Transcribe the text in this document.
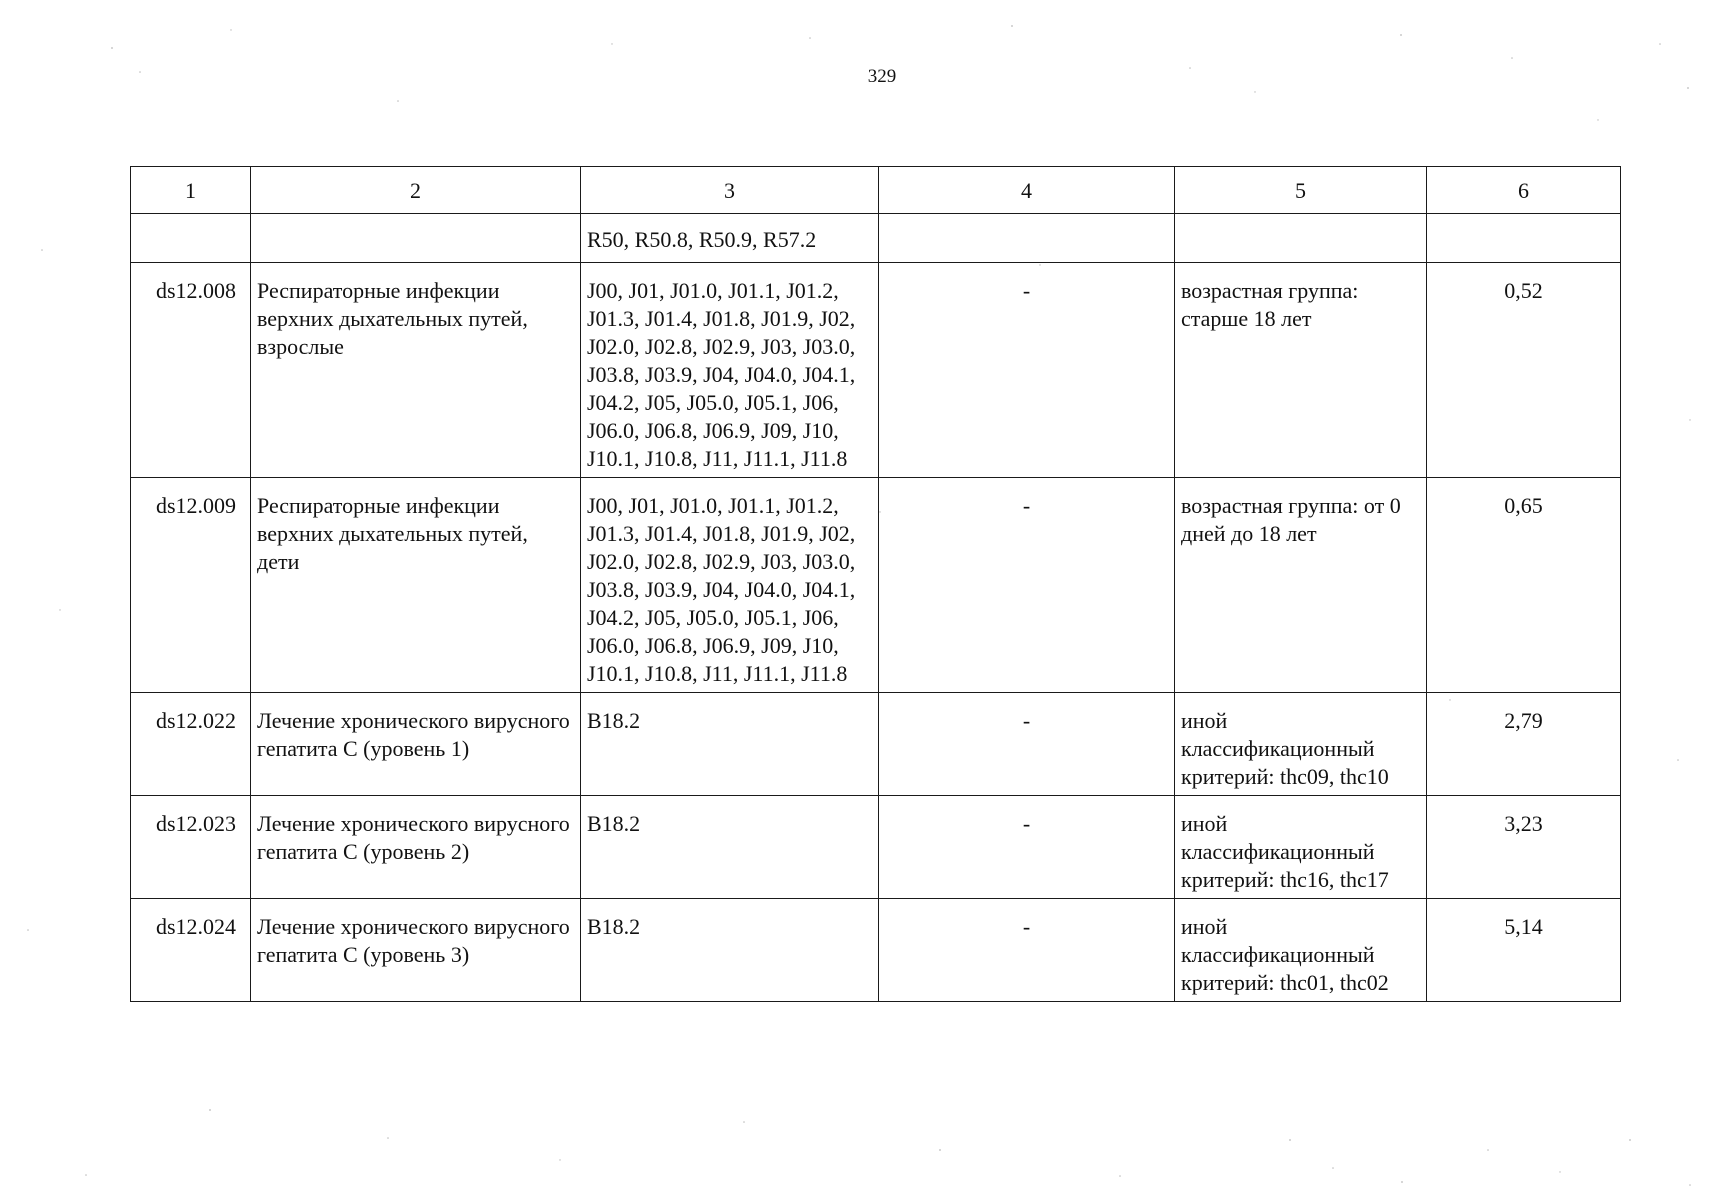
329
1	2	3	4	5	6
		R50, R50.8, R50.9, R57.2			
ds12.008	Респираторные инфекции верхних дыхательных путей, взрослые	J00, J01, J01.0, J01.1, J01.2, J01.3, J01.4, J01.8, J01.9, J02, J02.0, J02.8, J02.9, J03, J03.0, J03.8, J03.9, J04, J04.0, J04.1, J04.2, J05, J05.0, J05.1, J06, J06.0, J06.8, J06.9, J09, J10, J10.1, J10.8, J11, J11.1, J11.8	-	возрастная группа: старше 18 лет	0,52
ds12.009	Респираторные инфекции верхних дыхательных путей, дети	J00, J01, J01.0, J01.1, J01.2, J01.3, J01.4, J01.8, J01.9, J02, J02.0, J02.8, J02.9, J03, J03.0, J03.8, J03.9, J04, J04.0, J04.1, J04.2, J05, J05.0, J05.1, J06, J06.0, J06.8, J06.9, J09, J10, J10.1, J10.8, J11, J11.1, J11.8	-	возрастная группа: от 0 дней до 18 лет	0,65
ds12.022	Лечение хронического вирусного гепатита С (уровень 1)	B18.2	-	иной классификационный критерий: thc09, thc10	2,79
ds12.023	Лечение хронического вирусного гепатита С (уровень 2)	B18.2	-	иной классификационный критерий: thc16, thc17	3,23
ds12.024	Лечение хронического вирусного гепатита С (уровень 3)	B18.2	-	иной классификационный критерий: thc01, thc02	5,14
